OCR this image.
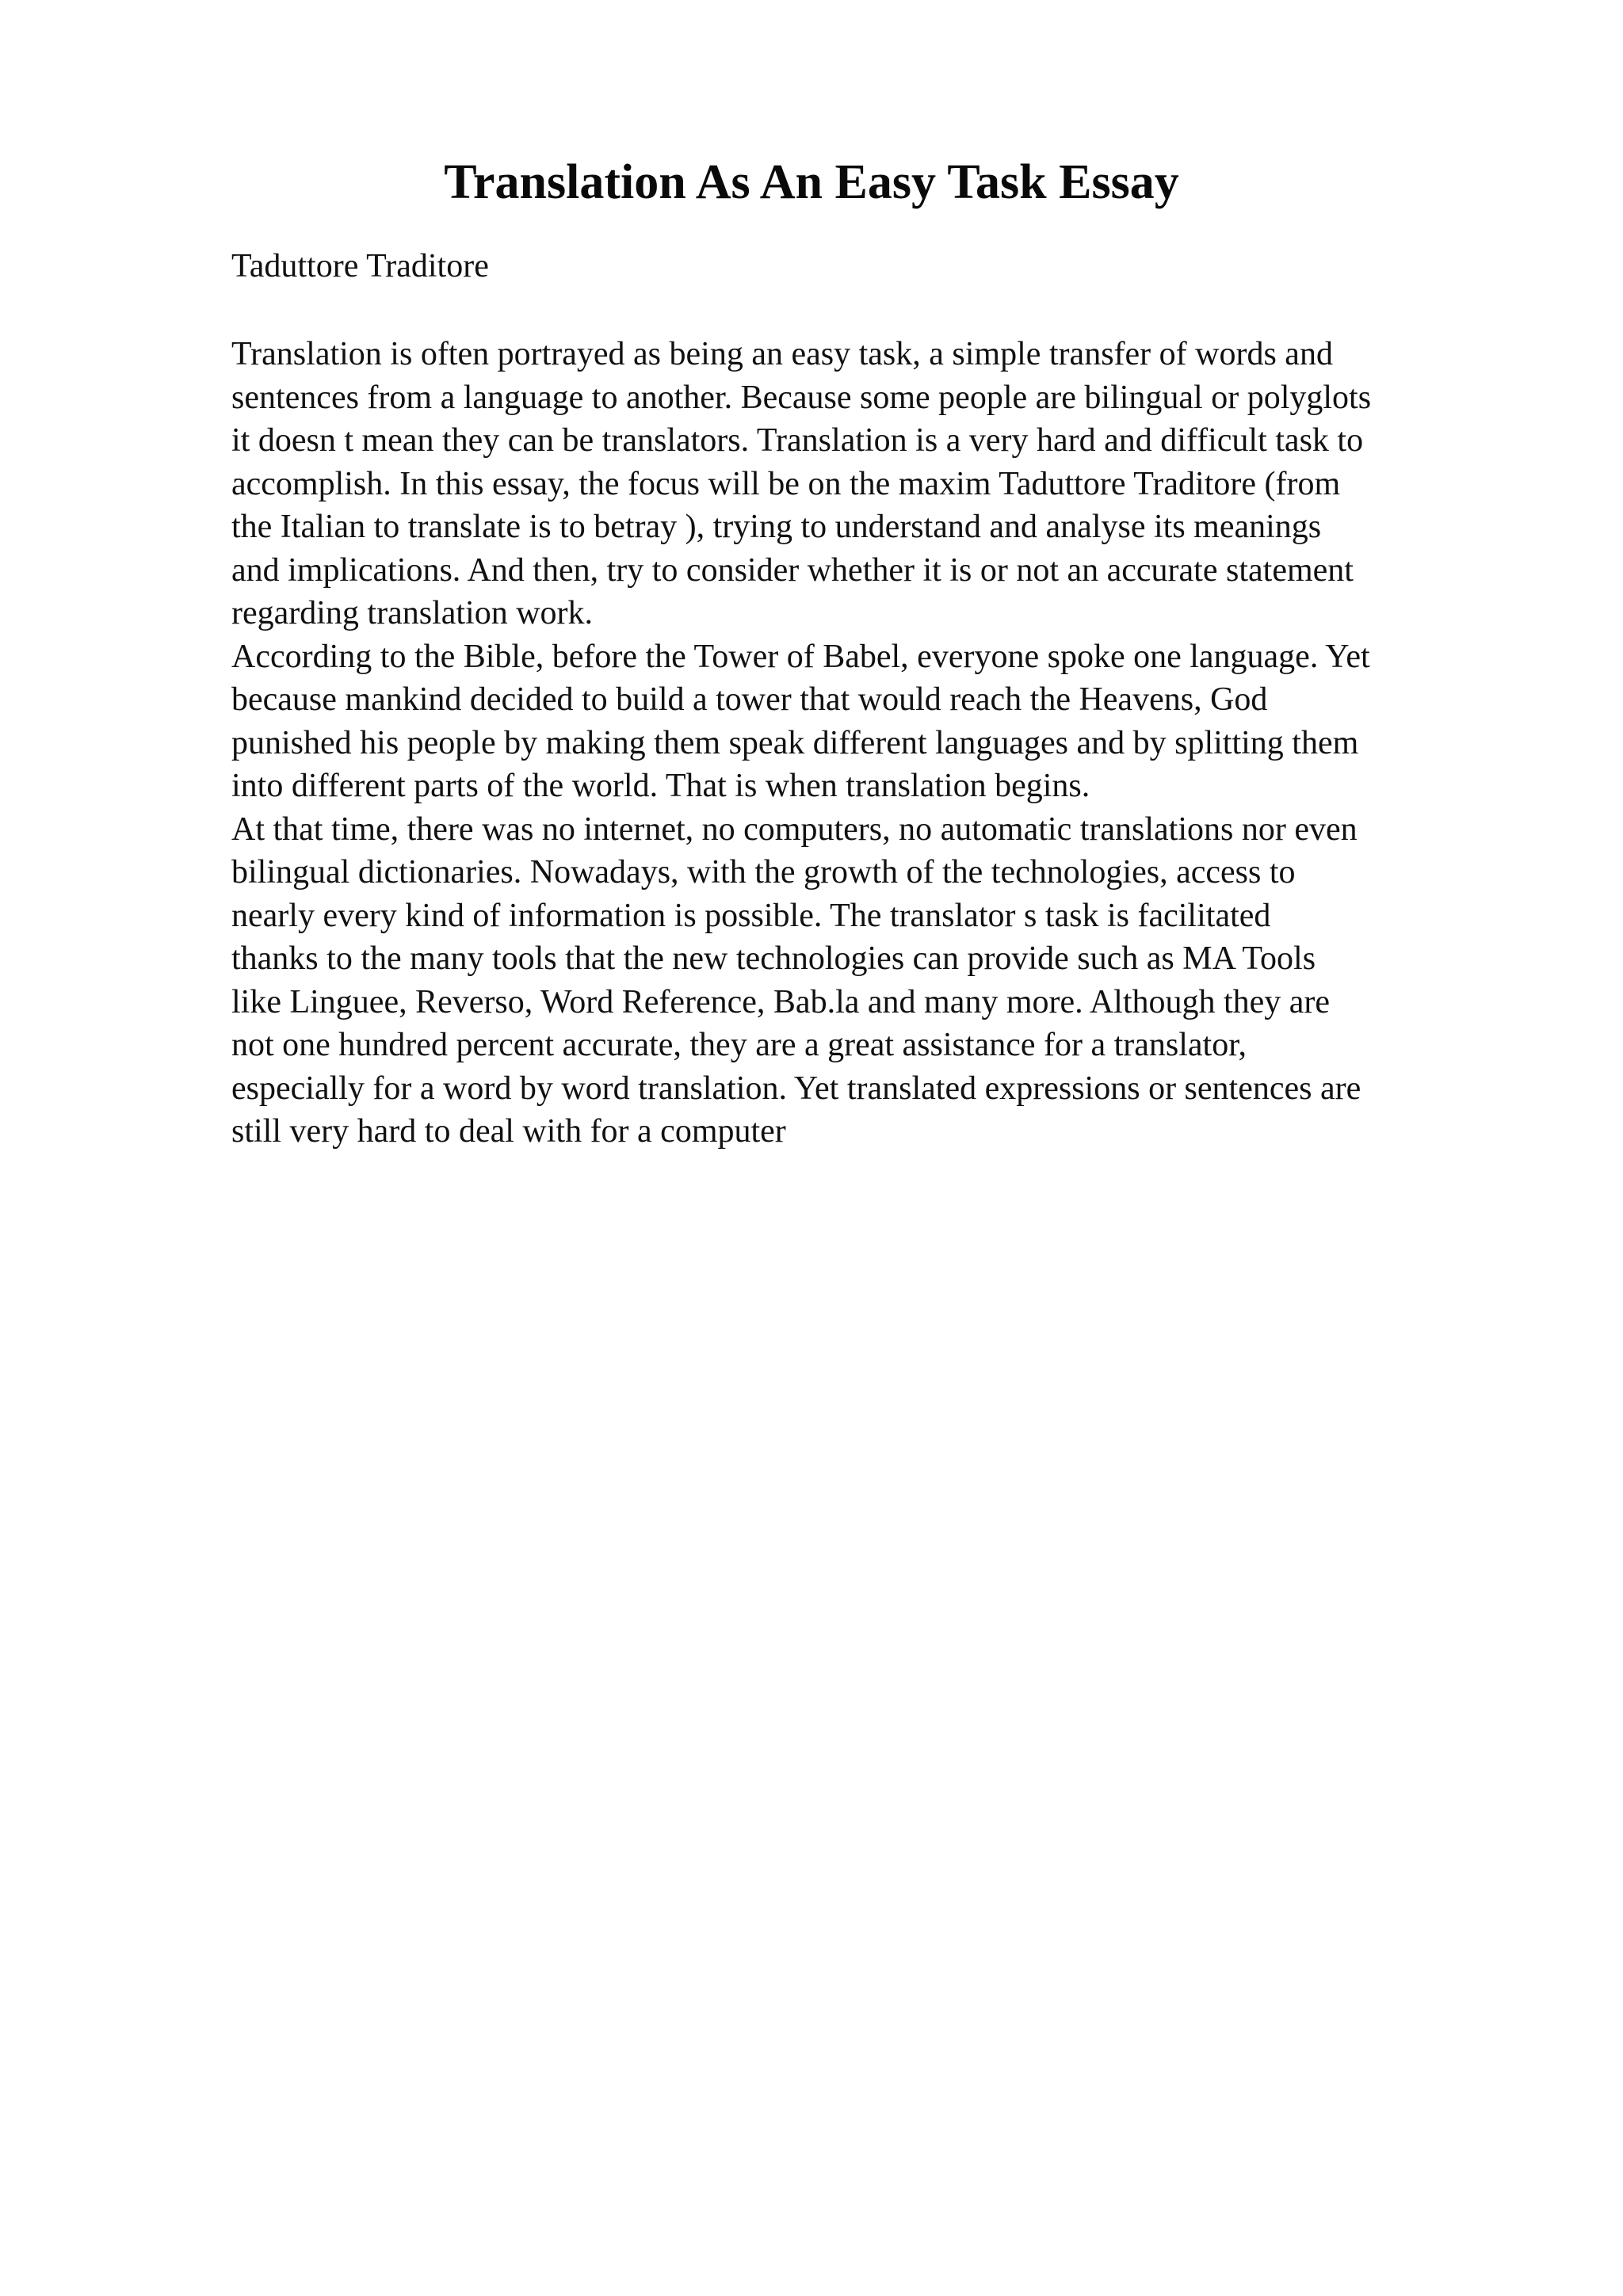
Translation As An Easy Task Essay

Taduttore Traditore

Translation is often portrayed as being an easy task, a simple transfer of words and
sentences from a language to another. Because some people are bilingual or polyglots
it doesn t mean they can be translators. Translation is a very hard and difficult task to
accomplish. In this essay, the focus will be on the maxim Taduttore Traditore (from
the Italian to translate is to betray ), trying to understand and analyse its meanings
and implications. And then, try to consider whether it is or not an accurate statement
regarding translation work.
According to the Bible, before the Tower of Babel, everyone spoke one language. Yet
because mankind decided to build a tower that would reach the Heavens, God
punished his people by making them speak different languages and by splitting them
into different parts of the world. That is when translation begins.
At that time, there was no internet, no computers, no automatic translations nor even
bilingual dictionaries. Nowadays, with the growth of the technologies, access to
nearly every kind of information is possible. The translator s task is facilitated
thanks to the many tools that the new technologies can provide such as MA Tools
like Linguee, Reverso, Word Reference, Bab.la and many more. Although they are
not one hundred percent accurate, they are a great assistance for a translator,
especially for a word by word translation. Yet translated expressions or sentences are
still very hard to deal with for a computer
